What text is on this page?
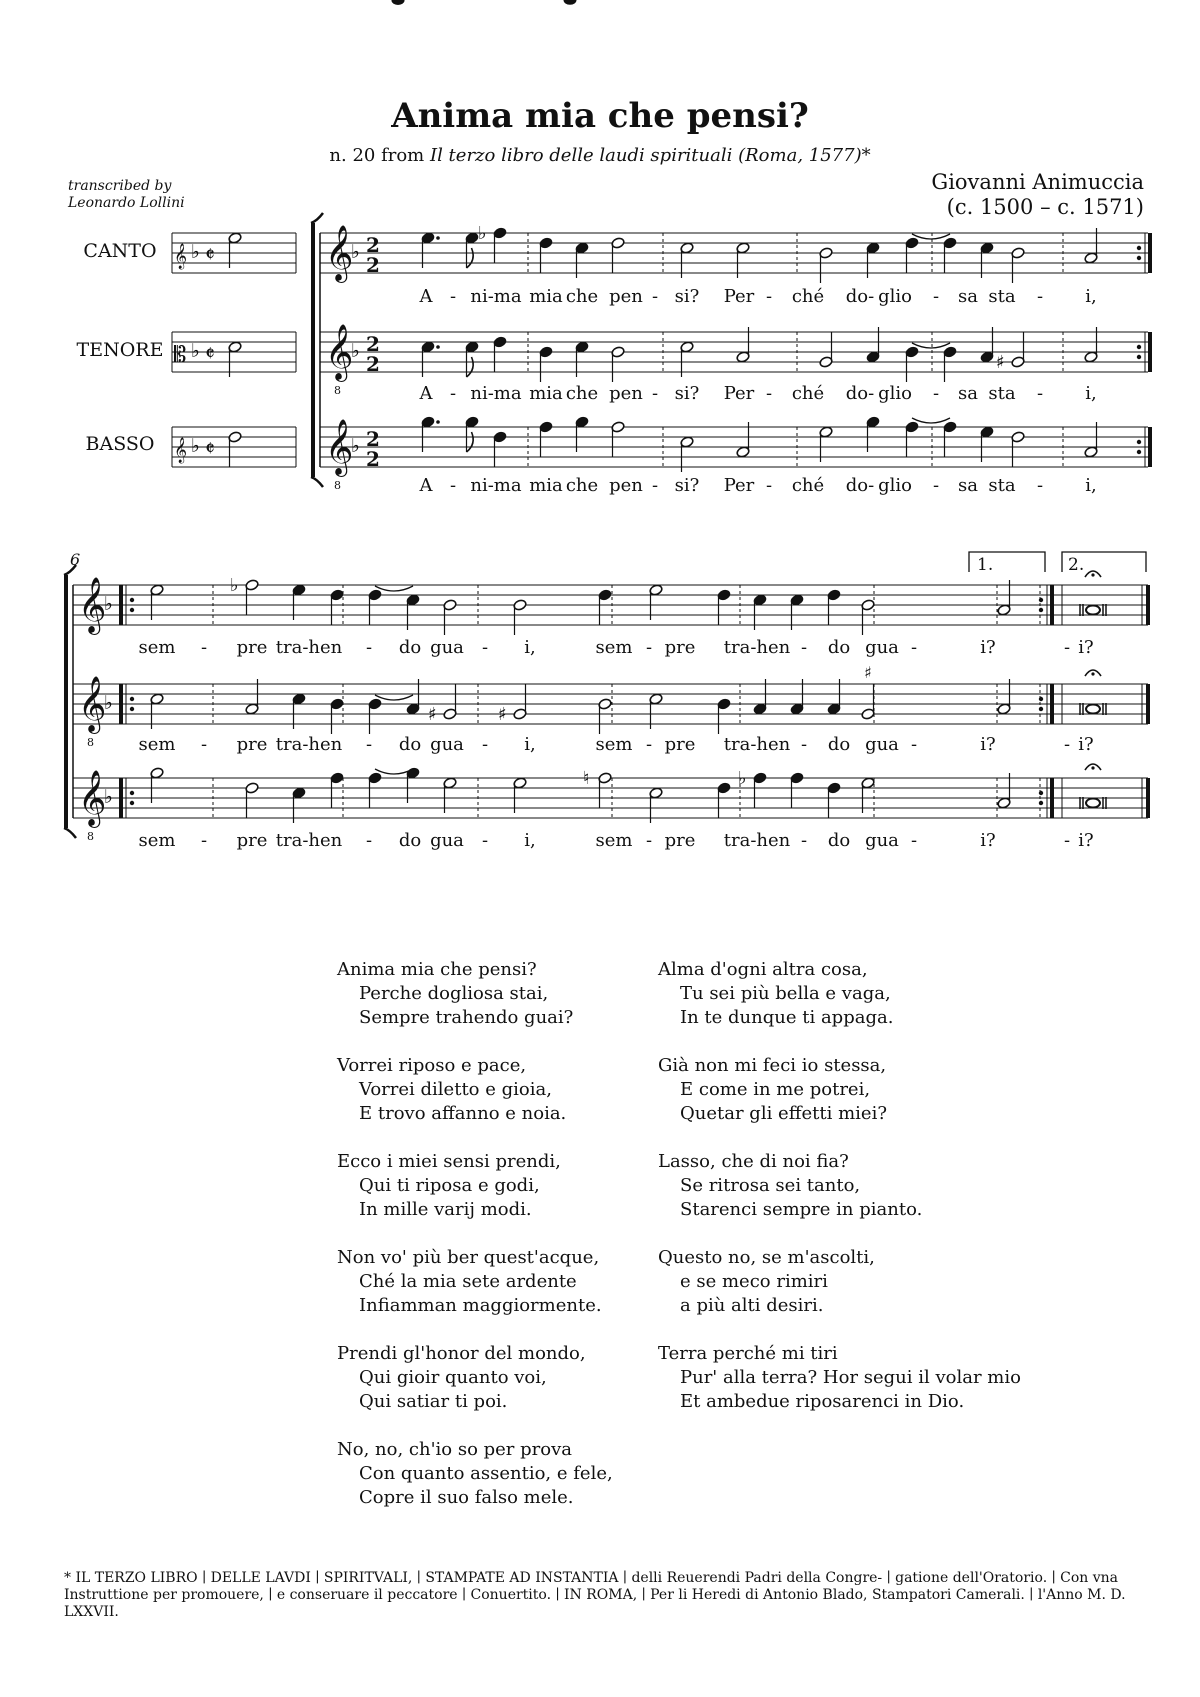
Anima mia che pensi?
n. 20 from Il terzo libro delle laudi spirituali (Roma, 1577)*
transcribed by
Leonardo Lollini
Giovanni Animuccia
(c. 1500 – c. 1571)
CANTO
TENORE
BASSO
𝄞 ♭ 𝄵
𝄡 ♭ 𝄵
𝄞 ♭ 𝄵
𝄞
♭ 2
2
𝄞
8
♭ 2
2
𝄞
8
♭ 2
2
♭
♯
A - ni-ma mia che pen - si? Per - ché do- glio - sa sta - i,
A - ni-ma mia che pen - si? Per - ché do- glio - sa sta - i,
A - ni-ma mia che pen - si? Per - ché do- glio - sa sta - i,
6
𝄞
♭
𝄞
8
♭
𝄞
8
♭
♭
♯	♯
♯
♮	♭
1.	2.
sem - pre tra-hen - do gua - i,	sem - pre tra-hen - do gua -	i?	- i?
sem - pre tra-hen - do gua - i,	sem - pre tra-hen - do gua -	i?	- i?
sem - pre tra-hen - do gua - i,	sem - pre tra-hen - do gua -	i?	- i?
Anima mia che pensi?
Perche dogliosa stai,
Sempre trahendo guai?
Vorrei riposo e pace,
Vorrei diletto e gioia,
E trovo affanno e noia.
Ecco i miei sensi prendi,
Qui ti riposa e godi,
In mille varij modi.
Non vo' più ber quest'acque,
Ché la mia sete ardente
Infiamman maggiormente.
Prendi gl'honor del mondo,
Qui gioir quanto voi,
Qui satiar ti poi.
No, no, ch'io so per prova
Con quanto assentio, e fele,
Copre il suo falso mele.
Alma d'ogni altra cosa,
Tu sei più bella e vaga,
In te dunque ti appaga.
Già non mi feci io stessa,
E come in me potrei,
Quetar gli effetti miei?
Lasso, che di noi fia?
Se ritrosa sei tanto,
Starenci sempre in pianto.
Questo no, se m'ascolti,
e se meco rimiri
a più alti desiri.
Terra perché mi tiri
Pur' alla terra? Hor segui il volar mio
Et ambedue riposarenci in Dio.
* IL TERZO LIBRO ∣ DELLE LAVDI ∣ SPIRITVALI, ∣ STAMPATE AD INSTANTIA ∣ delli Reuerendi Padri della Congre- ∣ gatione dell'Oratorio. ∣ Con vna Instruttione per promouere, ∣ e conseruare il peccatore ∣ Conuertito. ∣ IN ROMA, ∣ Per li Heredi di Antonio Blado, Stampatori Camerali. ∣ l'Anno M. D. LXXVII.
